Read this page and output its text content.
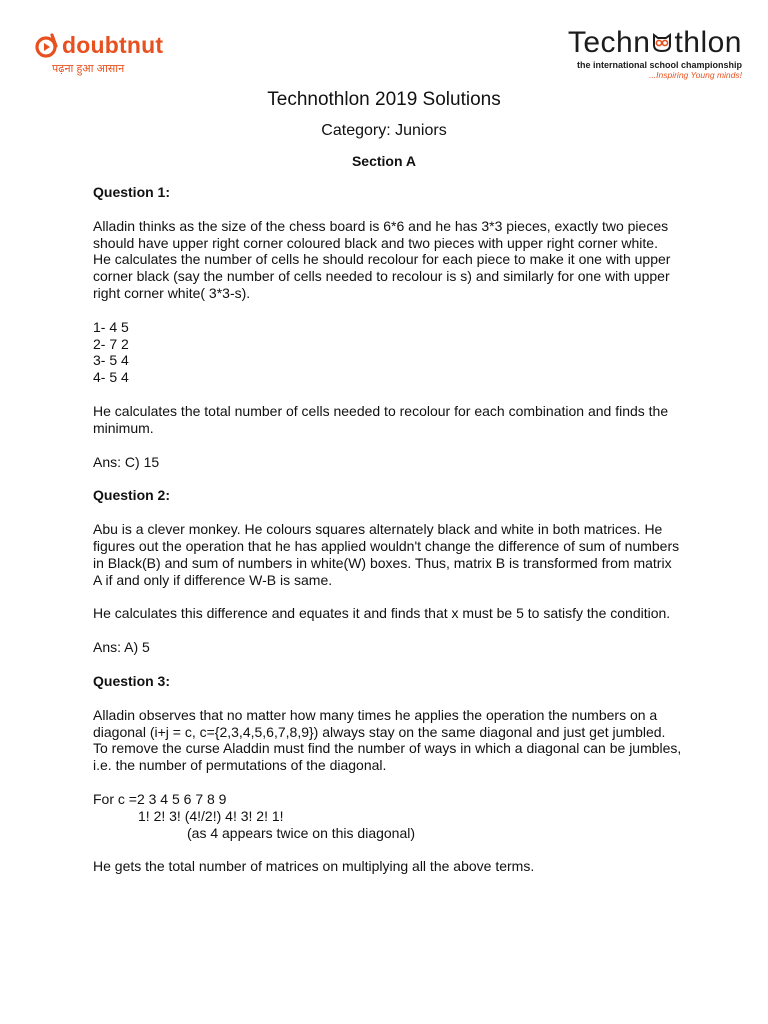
doubtnut
पढ़ना हुआ आसान
Techn thlon
the international school championship
...Inspiring Young minds!
Technothlon 2019 Solutions
Category: Juniors
Section A

Question 1:

Alladin thinks as the size of the chess board is 6*6 and he has 3*3 pieces, exactly two pieces should have upper right corner coloured black and two pieces with upper right corner white.

He calculates the number of cells he should recolour for each piece to make it one with upper corner black (say the number of cells needed to recolour is s) and similarly for one with upper right corner white( 3*3-s).

1- 4 5

2- 7 2

3- 5 4

4- 5 4

He calculates the total number of cells needed to recolour for each combination and finds the minimum.

Ans: C) 15

Question 2:

Abu is a clever monkey. He colours squares alternately black and white in both matrices. He figures out the operation that he has applied wouldn't change the difference of sum of numbers in Black(B) and sum of numbers in white(W) boxes. Thus, matrix B is transformed from matrix A if and only if difference W-B is same.

He calculates this difference and equates it and finds that x must be 5 to satisfy the condition.

Ans: A) 5

Question 3:

Alladin observes that no matter how many times he applies the operation the numbers on a diagonal (i+j = c, c={2,3,4,5,6,7,8,9}) always stay on the same diagonal and just get jumbled. To remove the curse Aladdin must find the number of ways in which a diagonal can be jumbles, i.e. the number of permutations of the diagonal.

For c =2 3 4 5 6 7 8 9

1! 2! 3! (4!/2!) 4! 3! 2! 1!

(as 4 appears twice on this diagonal)

He gets the total number of matrices on multiplying all the above terms.
